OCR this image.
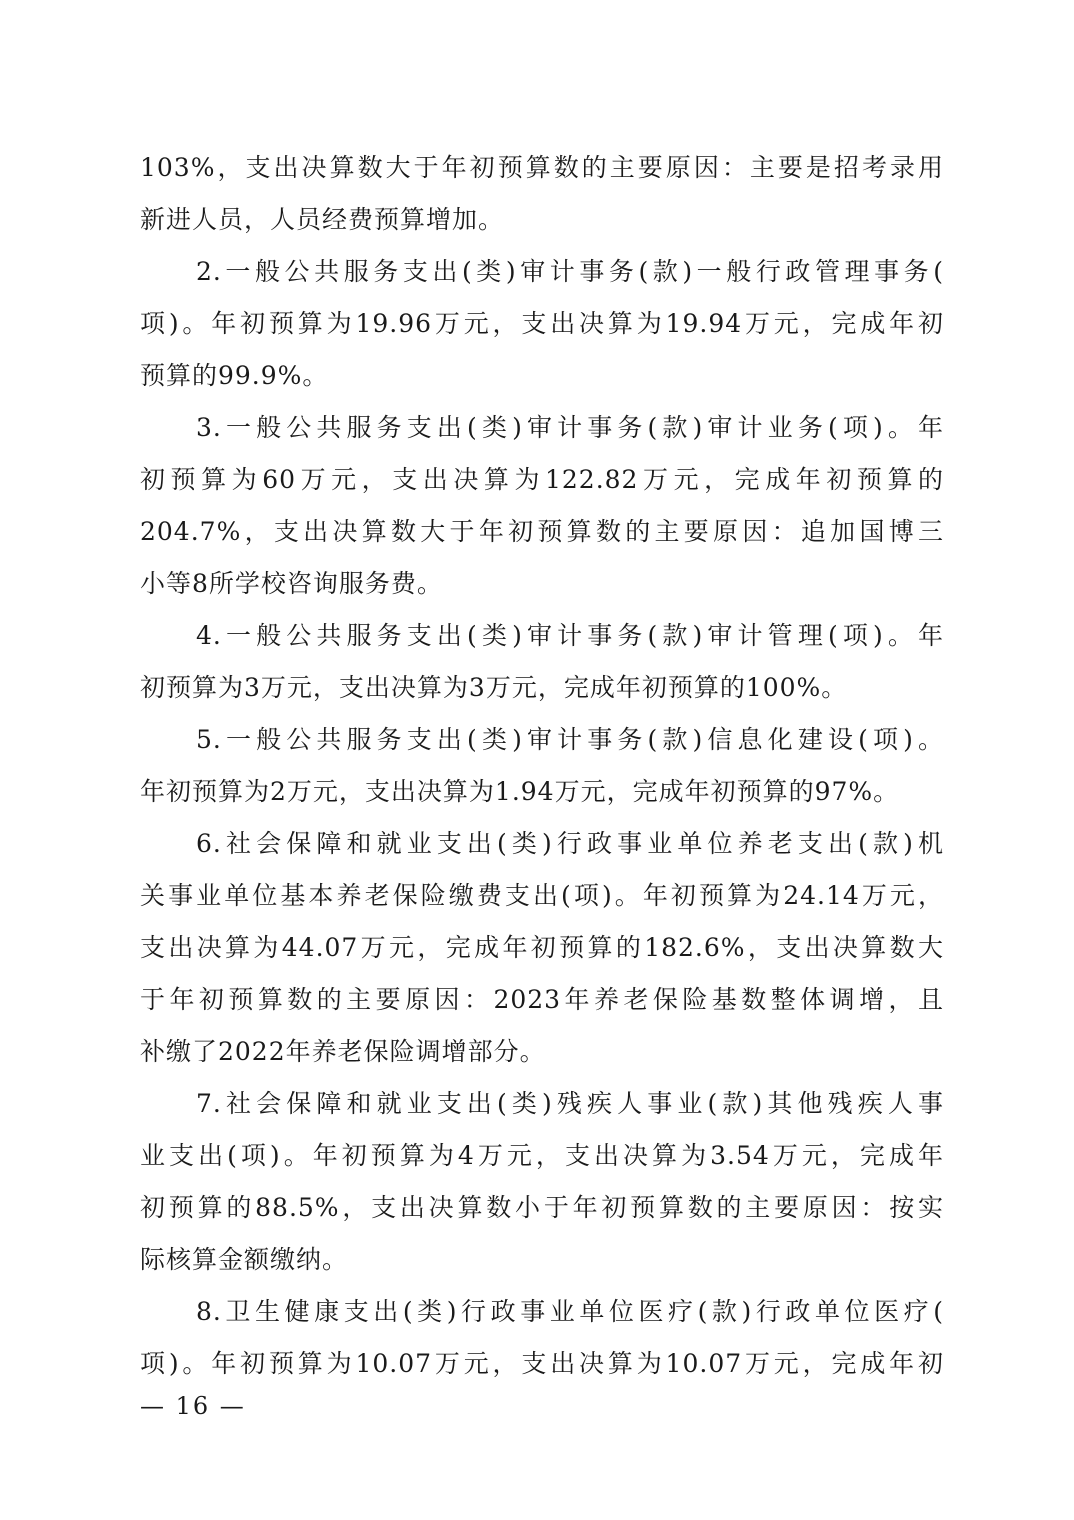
103%，支出决算数大于年初预算数的主要原因：主要是招考录用
新进人员，人员经费预算增加。
2.一般公共服务支出(类)审计事务(款)一般行政管理事务(
项)。年初预算为19.96万元，支出决算为19.94万元，完成年初
预算的99.9%。
3.一般公共服务支出(类)审计事务(款)审计业务(项)。年
初预算为60万元，支出决算为122.82万元，完成年初预算的
204.7%，支出决算数大于年初预算数的主要原因：追加国博三
小等8所学校咨询服务费。
4.一般公共服务支出(类)审计事务(款)审计管理(项)。年
初预算为3万元，支出决算为3万元，完成年初预算的100%。
5.一般公共服务支出(类)审计事务(款)信息化建设(项)。
年初预算为2万元，支出决算为1.94万元，完成年初预算的97%。
6.社会保障和就业支出(类)行政事业单位养老支出(款)机
关事业单位基本养老保险缴费支出(项)。年初预算为24.14万元，
支出决算为44.07万元，完成年初预算的182.6%，支出决算数大
于年初预算数的主要原因：2023年养老保险基数整体调增，且
补缴了2022年养老保险调增部分。
7.社会保障和就业支出(类)残疾人事业(款)其他残疾人事
业支出(项)。年初预算为4万元，支出决算为3.54万元，完成年
初预算的88.5%，支出决算数小于年初预算数的主要原因：按实
际核算金额缴纳。
8.卫生健康支出(类)行政事业单位医疗(款)行政单位医疗(
项)。年初预算为10.07万元，支出决算为10.07万元，完成年初
— 16 —
